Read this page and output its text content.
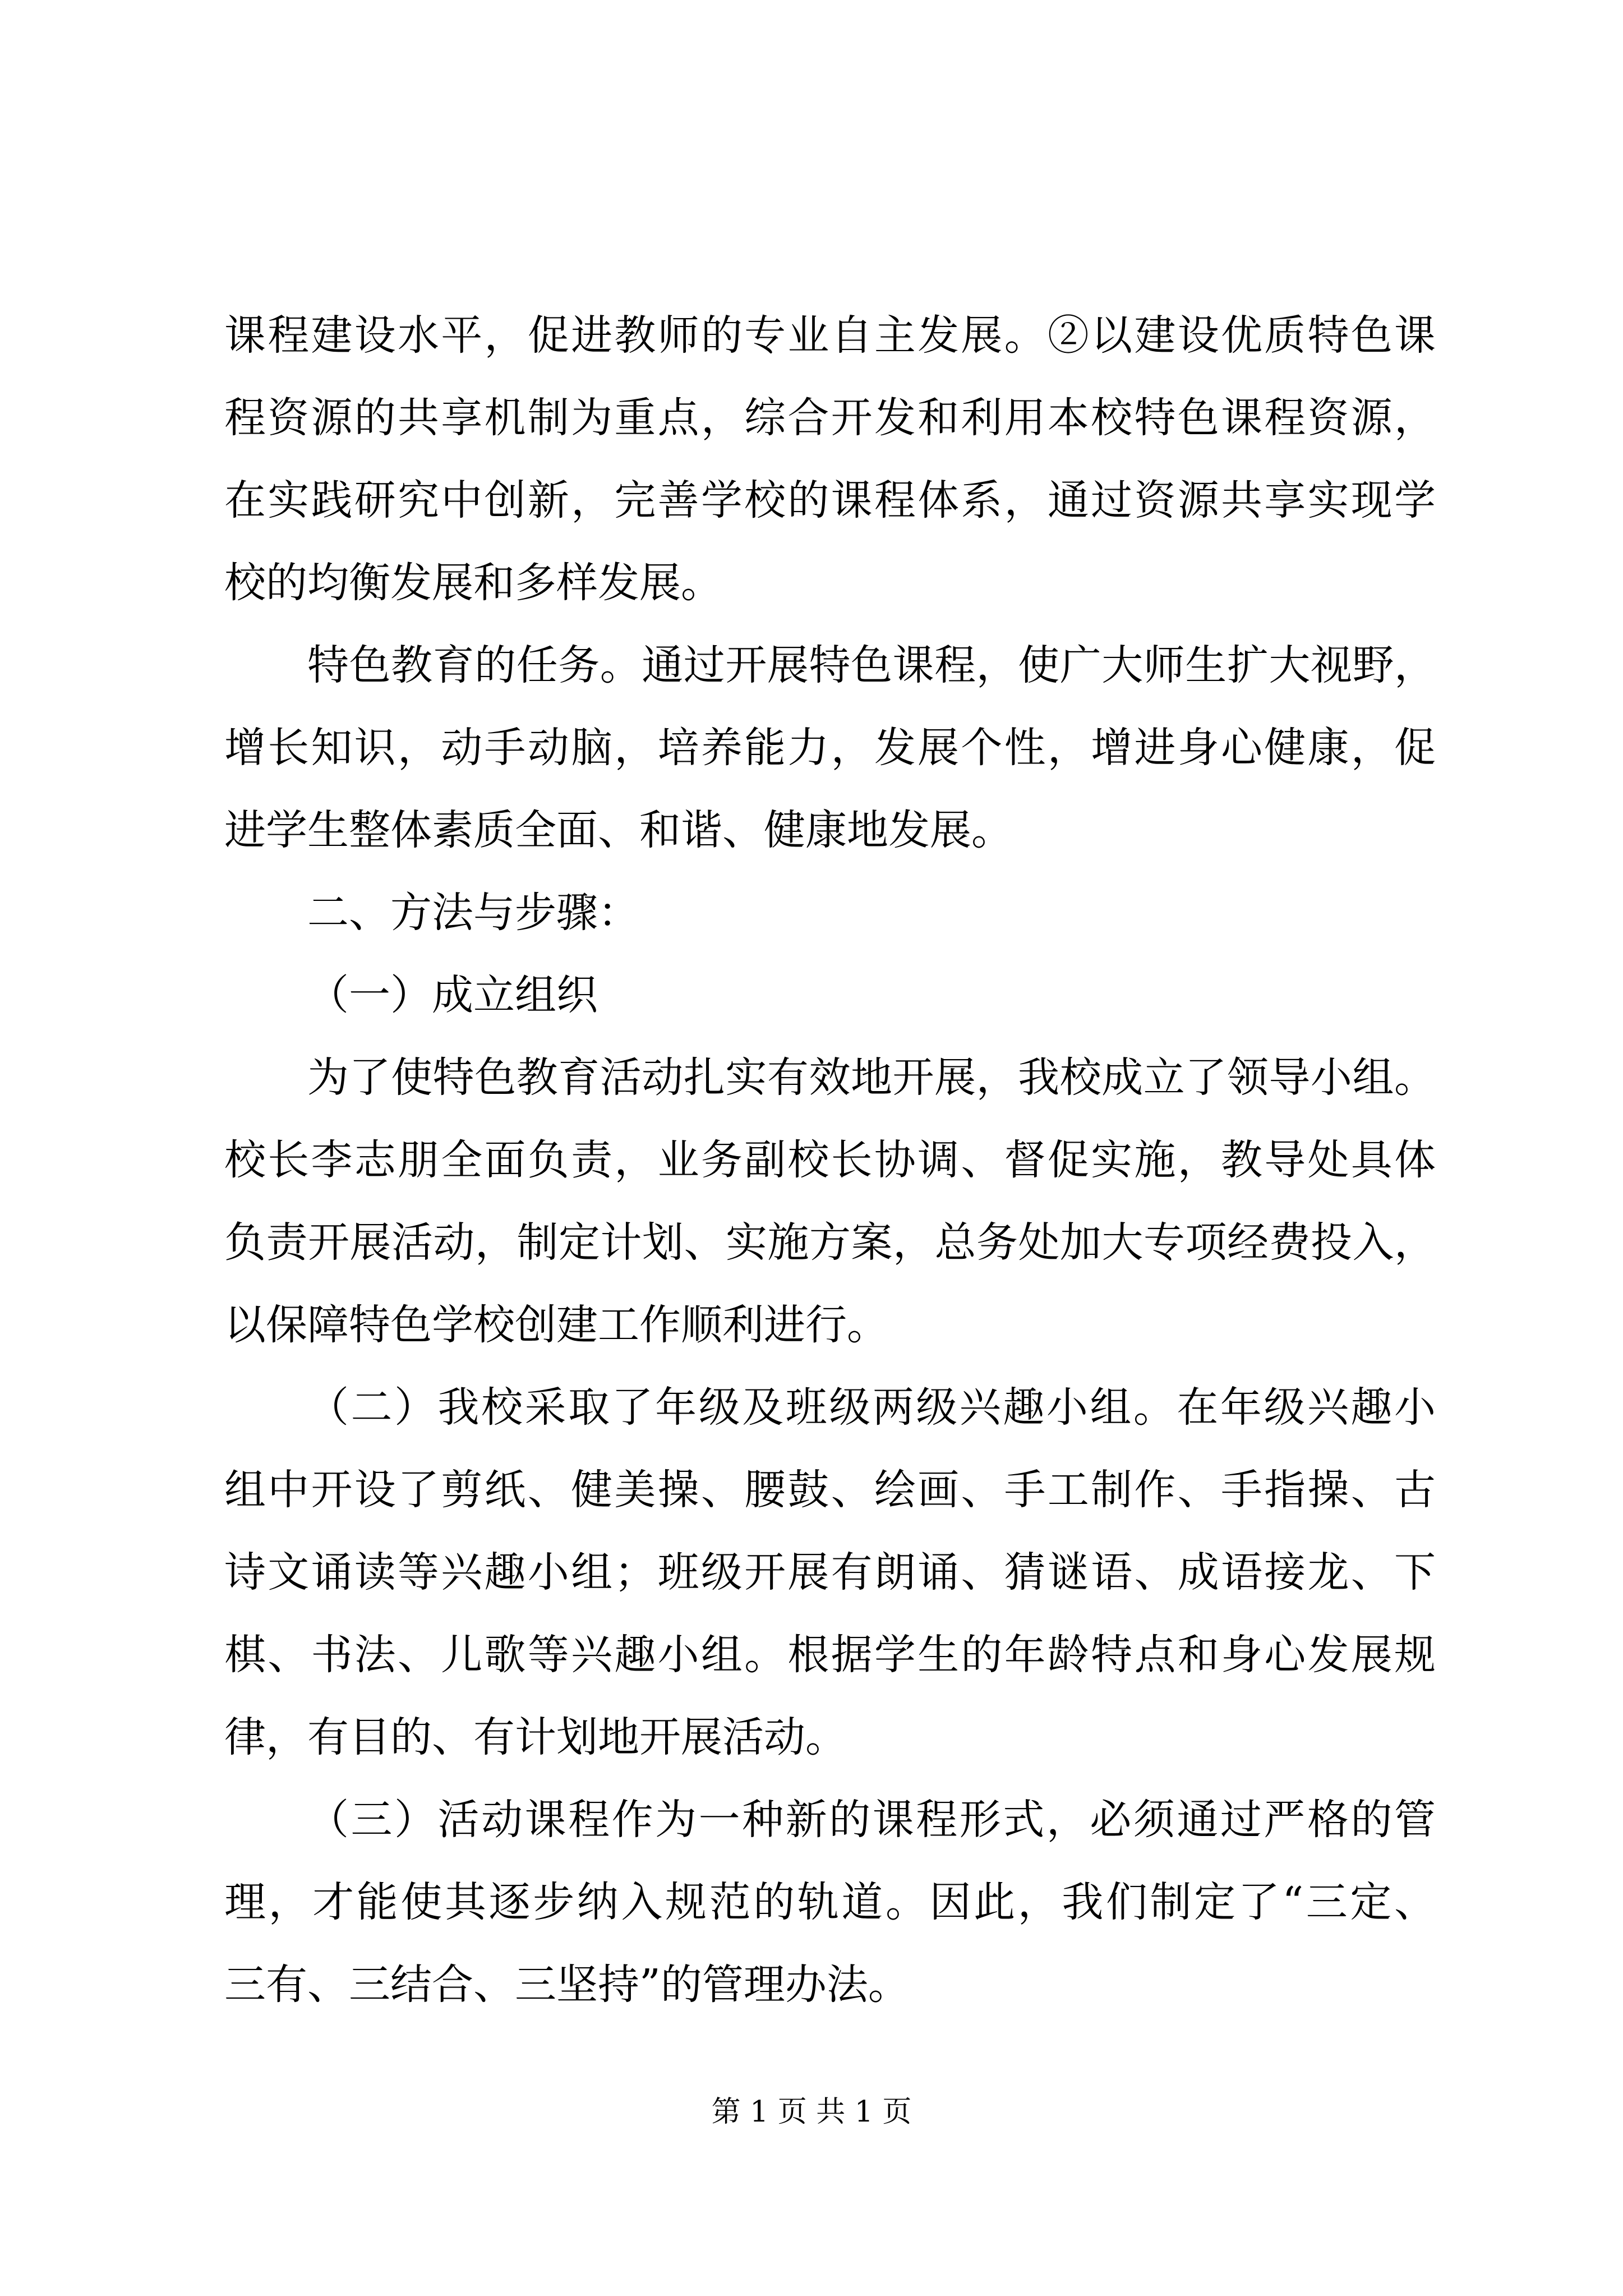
课程建设水平，促进教师的专业自主发展。②以建设优质特色课
程资源的共享机制为重点，综合开发和利用本校特色课程资源，
在实践研究中创新，完善学校的课程体系，通过资源共享实现学
校的均衡发展和多样发展。
特色教育的任务。通过开展特色课程，使广大师生扩大视野，
增长知识，动手动脑，培养能力，发展个性，增进身心健康，促
进学生整体素质全面、和谐、健康地发展。
二、方法与步骤：
（一）成立组织
为了使特色教育活动扎实有效地开展，我校成立了领导小组。
校长李志朋全面负责，业务副校长协调、督促实施，教导处具体
负责开展活动，制定计划、实施方案，总务处加大专项经费投入，
以保障特色学校创建工作顺利进行。
（二）我校采取了年级及班级两级兴趣小组。在年级兴趣小
组中开设了剪纸、健美操、腰鼓、绘画、手工制作、手指操、古
诗文诵读等兴趣小组；班级开展有朗诵、猜谜语、成语接龙、下
棋、书法、儿歌等兴趣小组。根据学生的年龄特点和身心发展规
律，有目的、有计划地开展活动。
（三）活动课程作为一种新的课程形式，必须通过严格的管
理，才能使其逐步纳入规范的轨道。因此，我们制定了“三定、
三有、三结合、三坚持”的管理办法。
第 1 页 共 1 页
